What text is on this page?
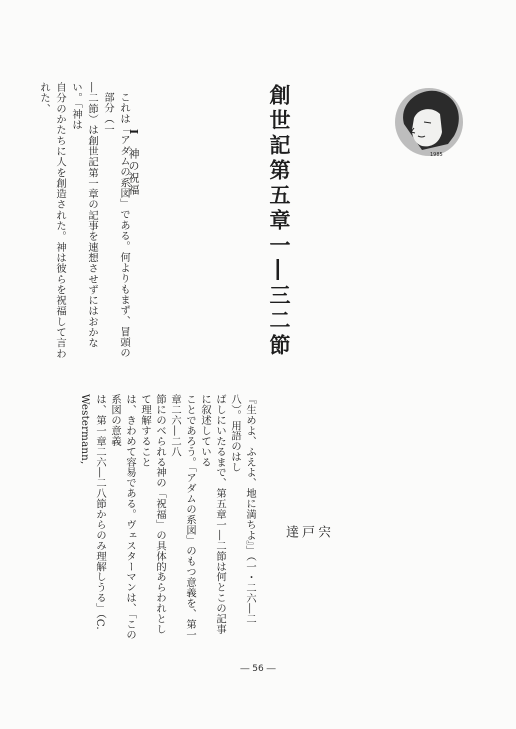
創世記第五章一―三二節	1985
宍
戸
達
I 神の祝福
これは「アダムの系図」である。何よりもまず、冒頭の部分（一
―二節）は創世記第一章の記事を連想させずにはおかない。「神は
自分のかたちに人を創造された。神は彼らを祝福して言われた、
『生めよ、ふえよ、地に満ちよ』」（一・二六―二八）。用語のはし
ばしにいたるまで、第五章一―二節は何とこの記事に叙述している
ことであろう。「アダムの系図」のもつ意義を、第一章二六―二八
節にのべられる神の「祝福」の具体的あらわれとして理解すること
は、きわめて容易である。ヴェスターマンは、「この系図の意義
は、第一章二六―二八節からのみ理解しうる」（C. Westermann,
― 56 ―
